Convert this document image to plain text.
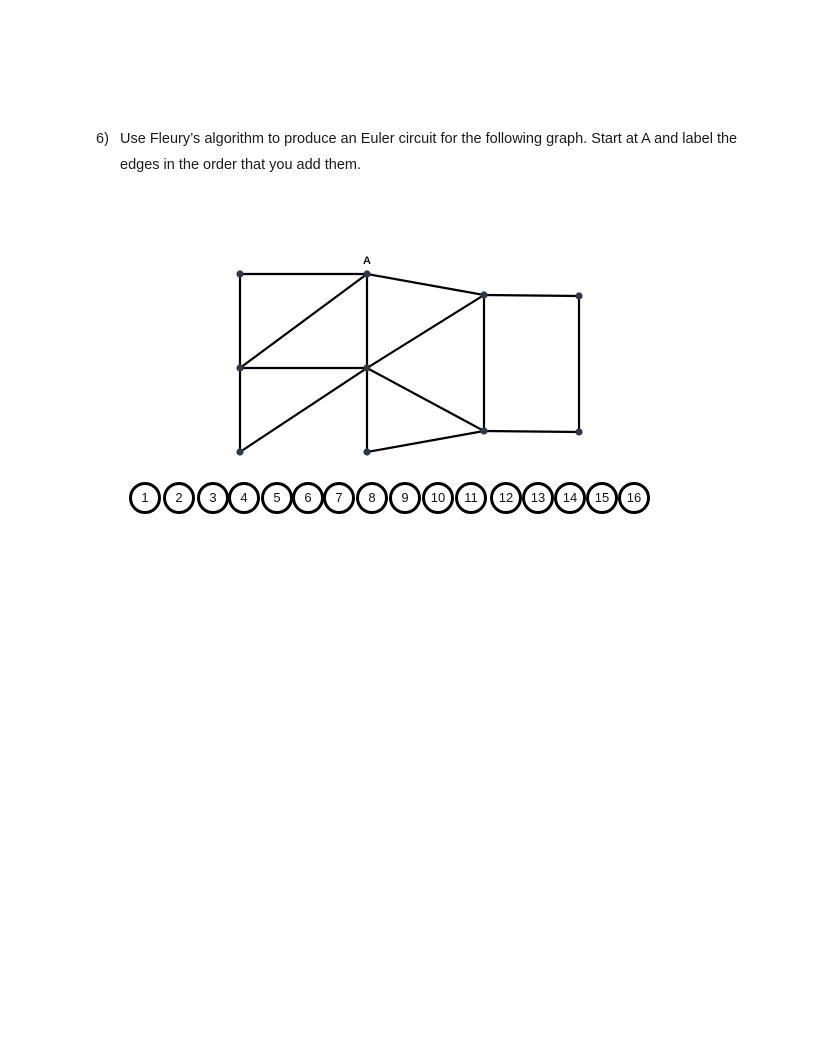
6) Use Fleury’s algorithm to produce an Euler circuit for the following graph. Start at A and label the edges in the order that you add them.
A
1	2	3	4	5	6	7	8	9	10	11	12	13	14	15	16
